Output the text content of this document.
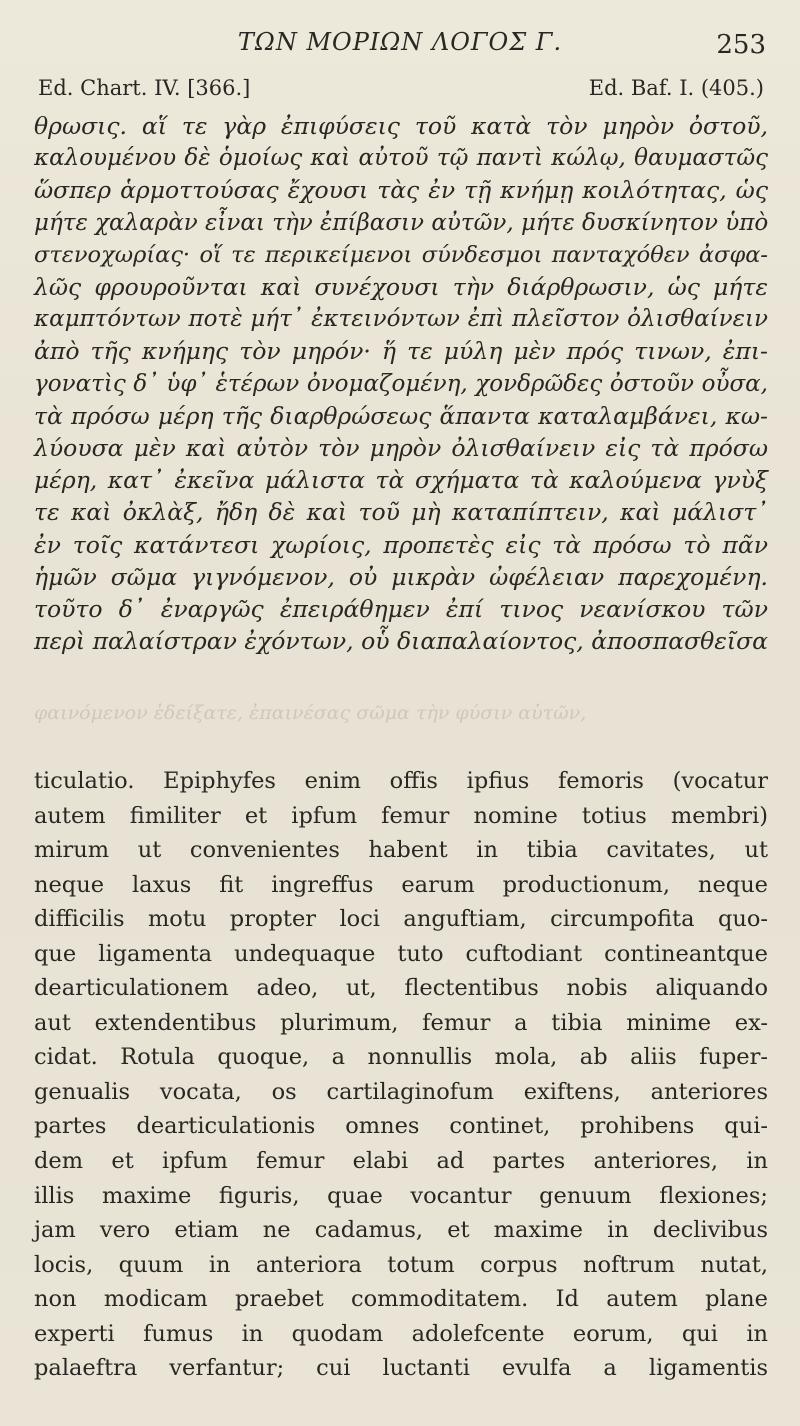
ΤΩΝ ΜΟΡΙΩΝ ΛΟΓΟΣ Γ.	253
Ed. Chart. IV. [366.]	Ed. Baf. I. (405.)
θρωσις. αἵ τε γὰρ ἐπιφύσεις τοῦ κατὰ τὸν μηρὸν ὀστοῦ,
καλουμένου δὲ ὁμοίως καὶ αὐτοῦ τῷ παντὶ κώλῳ, θαυμαστῶς
ὥσπερ ἁρμοττούσας ἔχουσι τὰς ἐν τῇ κνήμῃ κοιλότητας, ὡς
μήτε χαλαρὰν εἶναι τὴν ἐπίβασιν αὐτῶν, μήτε δυσκίνητον ὑπὸ
στενοχωρίας· οἵ τε περικείμενοι σύνδεσμοι πανταχόθεν ἀσφα-
λῶς φρουροῦνται καὶ συνέχουσι τὴν διάρθρωσιν, ὡς μήτε
καμπτόντων ποτὲ μήτ᾽ ἐκτεινόντων ἐπὶ πλεῖστον ὀλισθαίνειν
ἀπὸ τῆς κνήμης τὸν μηρόν· ἥ τε μύλη μὲν πρός τινων, ἐπι-
γονατὶς δ᾽ ὑφ᾽ ἑτέρων ὀνομαζομένη, χονδρῶδες ὀστοῦν οὖσα,
τὰ πρόσω μέρη τῆς διαρθρώσεως ἅπαντα καταλαμβάνει, κω-
λύουσα μὲν καὶ αὐτὸν τὸν μηρὸν ὀλισθαίνειν εἰς τὰ πρόσω
μέρη, κατ᾽ ἐκεῖνα μάλιστα τὰ σχήματα τὰ καλούμενα γνὺξ
τε καὶ ὀκλὰξ, ἤδη δὲ καὶ τοῦ μὴ καταπίπτειν, καὶ μάλιστ᾽
ἐν τοῖς κατάντεσι χωρίοις, προπετὲς εἰς τὰ πρόσω τὸ πᾶν
ἡμῶν σῶμα γιγνόμενον, οὐ μικρὰν ὠφέλειαν παρεχομένη.
τοῦτο δ᾽ ἐναργῶς ἐπειράθημεν ἐπί τινος νεανίσκου τῶν
περὶ παλαίστραν ἐχόντων, οὗ διαπαλαίοντος, ἀποσπασθεῖσα
φαινόμενον ἐδείξατε, ἐπαινέσας σῶμα τὴν φύσιν αὐτῶν,
ticulatio. Epiphyfes enim offis ipfius femoris (vocatur
autem fimiliter et ipfum femur nomine totius membri)
mirum ut convenientes habent in tibia cavitates, ut
neque laxus fit ingreffus earum productionum, neque
difficilis motu propter loci anguftiam, circumpofita quo-
que ligamenta undequaque tuto cuftodiant contineantque
dearticulationem adeo, ut, flectentibus nobis aliquando
aut extendentibus plurimum, femur a tibia minime ex-
cidat. Rotula quoque, a nonnullis mola, ab aliis fuper-
genualis vocata, os cartilaginofum exiftens, anteriores
partes dearticulationis omnes continet, prohibens qui-
dem et ipfum femur elabi ad partes anteriores, in
illis maxime figuris, quae vocantur genuum flexiones;
jam vero etiam ne cadamus, et maxime in declivibus
locis, quum in anteriora totum corpus noftrum nutat,
non modicam praebet commoditatem. Id autem plane
experti fumus in quodam adolefcente eorum, qui in
palaeftra verfantur; cui luctanti evulfa a ligamentis
